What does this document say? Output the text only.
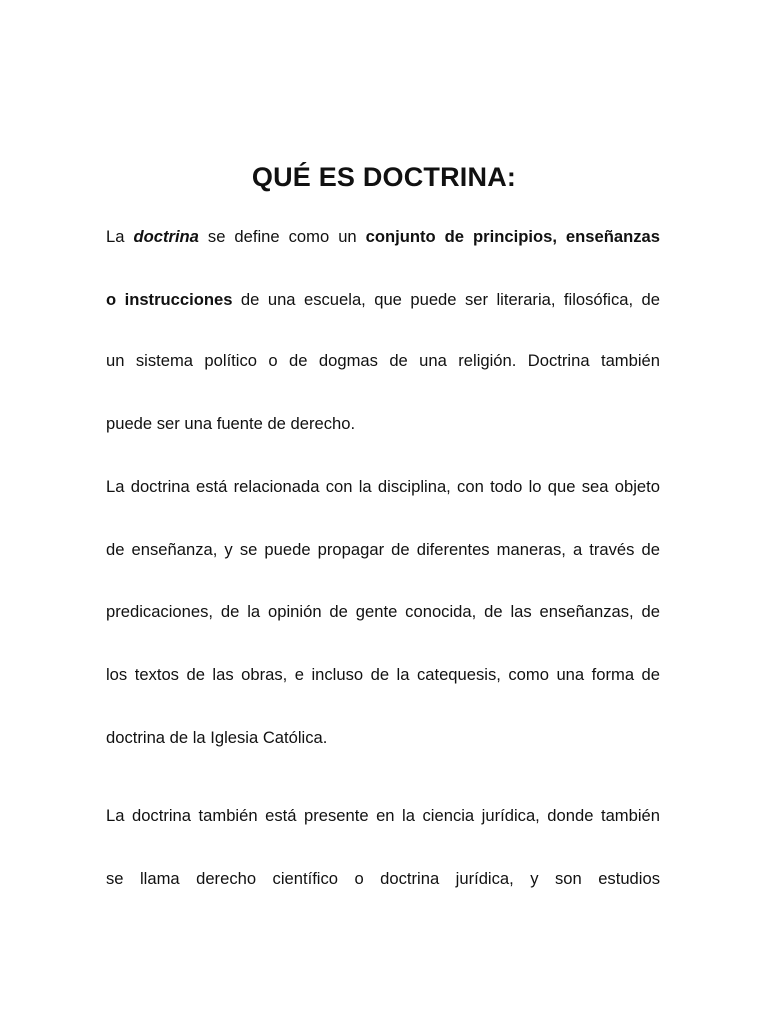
QUÉ ES DOCTRINA:

La doctrina se define como un conjunto de principios, enseñanzas

o instrucciones de una escuela, que puede ser literaria, filosófica, de

un sistema político o de dogmas de una religión. Doctrina también

puede ser una fuente de derecho.

La doctrina está relacionada con la disciplina, con todo lo que sea objeto

de enseñanza, y se puede propagar de diferentes maneras, a través de

predicaciones, de la opinión de gente conocida, de las enseñanzas, de

los textos de las obras, e incluso de la catequesis, como una forma de

doctrina de la Iglesia Católica.

La doctrina también está presente en la ciencia jurídica, donde también

se llama derecho científico o doctrina jurídica, y son estudios
